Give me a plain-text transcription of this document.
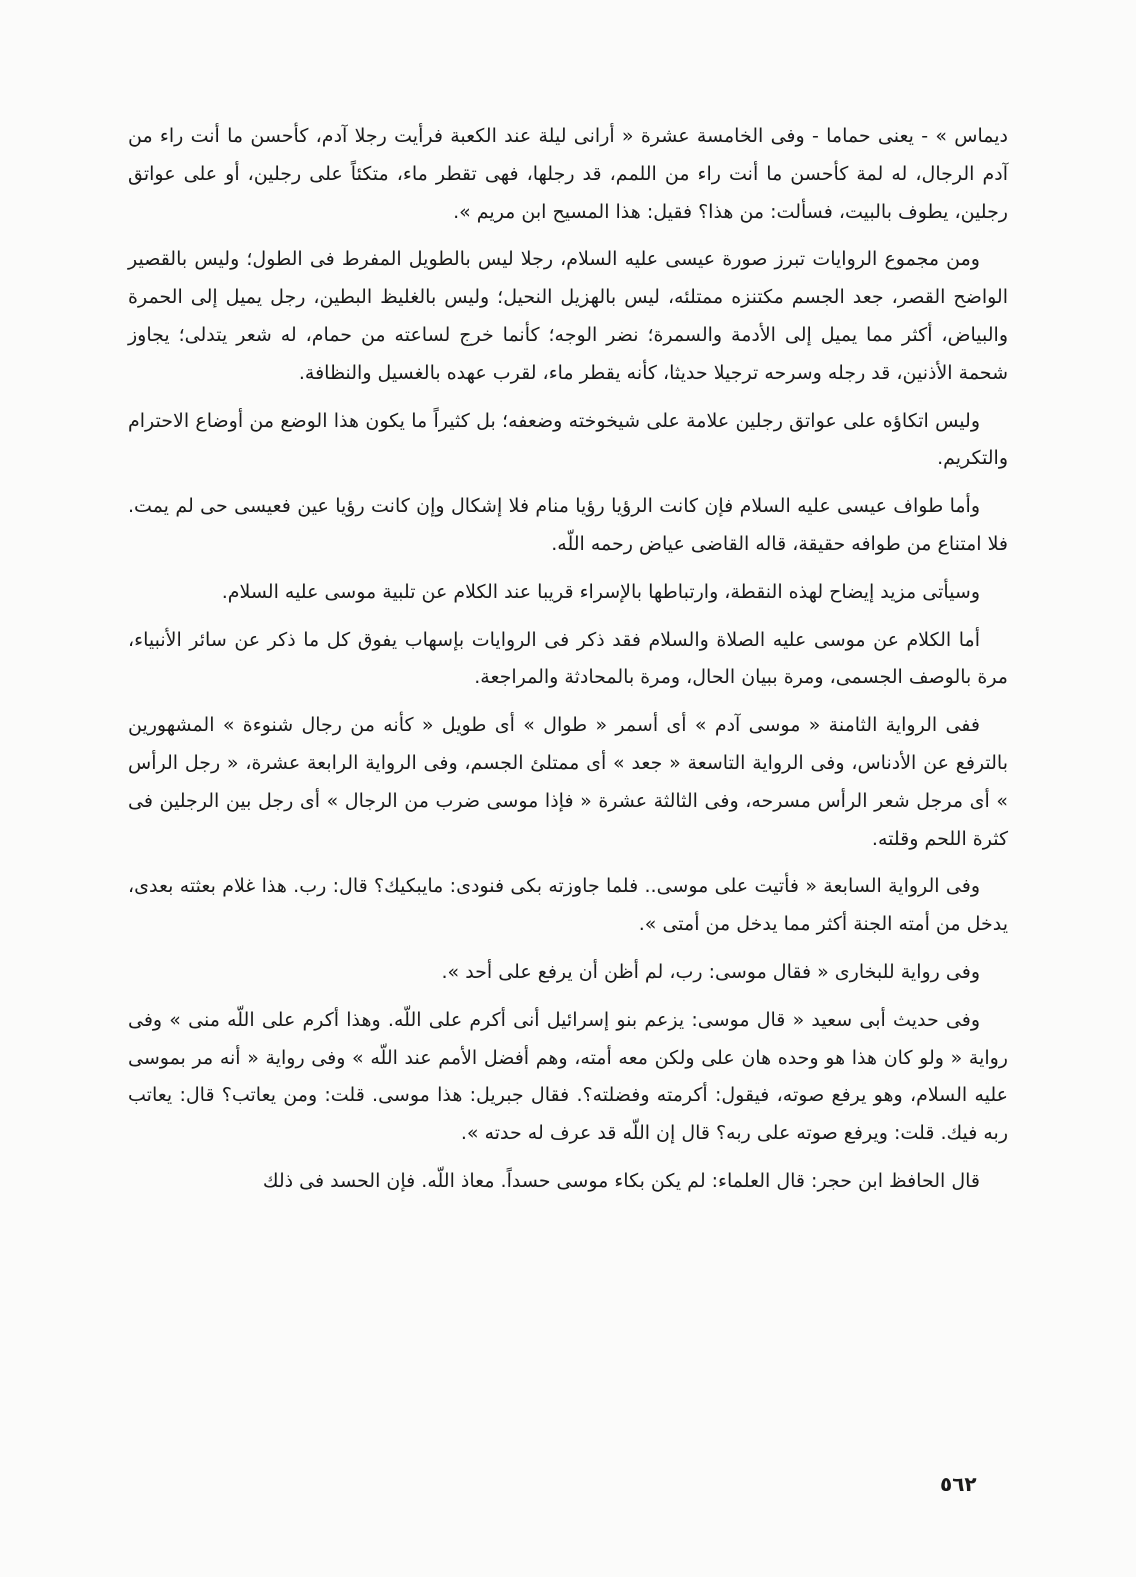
ديماس » - يعنى حماما - وفى الخامسة عشرة « أرانى ليلة عند الكعبة فرأيت رجلا آدم، كأحسن ما أنت راء من آدم الرجال، له لمة كأحسن ما أنت راء من اللمم، قد رجلها، فهى تقطر ماء، متكئاً على رجلين، أو على عواتق رجلين، يطوف بالبيت، فسألت: من هذا؟ فقيل: هذا المسيح ابن مريم ».

ومن مجموع الروايات تبرز صورة عيسى عليه السلام، رجلا ليس بالطويل المفرط فى الطول؛ وليس بالقصير الواضح القصر، جعد الجسم مكتنزه ممتلئه، ليس بالهزيل النحيل؛ وليس بالغليظ البطين، رجل يميل إلى الحمرة والبياض، أكثر مما يميل إلى الأدمة والسمرة؛ نضر الوجه؛ كأنما خرج لساعته من حمام، له شعر يتدلى؛ يجاوز شحمة الأذنين، قد رجله وسرحه ترجيلا حديثا، كأنه يقطر ماء، لقرب عهده بالغسيل والنظافة.

وليس اتكاؤه على عواتق رجلين علامة على شيخوخته وضعفه؛ بل كثيراً ما يكون هذا الوضع من أوضاع الاحترام والتكريم.

وأما طواف عيسى عليه السلام فإن كانت الرؤيا رؤيا منام فلا إشكال وإن كانت رؤيا عين فعيسى حى لم يمت. فلا امتناع من طوافه حقيقة، قاله القاضى عياض رحمه اللّه.

وسيأتى مزيد إيضاح لهذه النقطة، وارتباطها بالإسراء قريبا عند الكلام عن تلبية موسى عليه السلام.

أما الكلام عن موسى عليه الصلاة والسلام فقد ذكر فى الروايات بإسهاب يفوق كل ما ذكر عن سائر الأنبياء، مرة بالوصف الجسمى، ومرة ببيان الحال، ومرة بالمحادثة والمراجعة.

ففى الرواية الثامنة « موسى آدم » أى أسمر « طوال » أى طويل « كأنه من رجال شنوءة » المشهورين بالترفع عن الأدناس، وفى الرواية التاسعة « جعد » أى ممتلئ الجسم، وفى الرواية الرابعة عشرة، « رجل الرأس » أى مرجل شعر الرأس مسرحه، وفى الثالثة عشرة « فإذا موسى ضرب من الرجال » أى رجل بين الرجلين فى كثرة اللحم وقلته.

وفى الرواية السابعة « فأتيت على موسى.. فلما جاوزته بكى فنودى: مايبكيك؟ قال: رب. هذا غلام بعثته بعدى، يدخل من أمته الجنة أكثر مما يدخل من أمتى ».

وفى رواية للبخارى « فقال موسى: رب، لم أظن أن يرفع على أحد ».

وفى حديث أبى سعيد « قال موسى: يزعم بنو إسرائيل أنى أكرم على اللّه. وهذا أكرم على اللّه منى » وفى رواية « ولو كان هذا هو وحده هان على ولكن معه أمته، وهم أفضل الأمم عند اللّه » وفى رواية « أنه مر بموسى عليه السلام، وهو يرفع صوته، فيقول: أكرمته وفضلته؟. فقال جبريل: هذا موسى. قلت: ومن يعاتب؟ قال: يعاتب ربه فيك. قلت: ويرفع صوته على ربه؟ قال إن اللّه قد عرف له حدته ».

قال الحافظ ابن حجر: قال العلماء: لم يكن بكاء موسى حسداً. معاذ اللّه. فإن الحسد فى ذلك

٥٦٢
